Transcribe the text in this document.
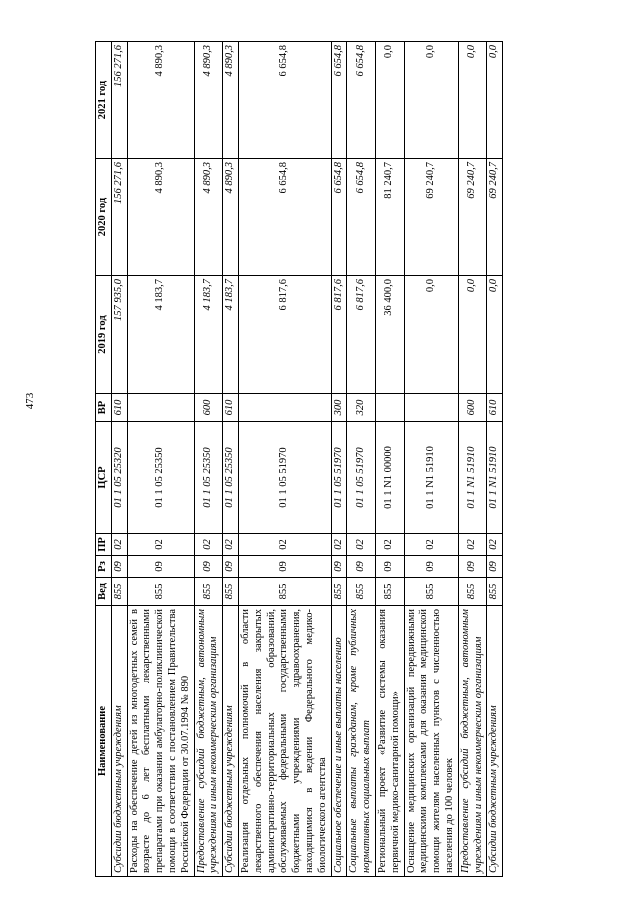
473
Наименование	Вед	Рз	ПР	ЦСР	ВР	2019 год	2020 год	2021 год
Субсидии бюджетным учреждениям	855	09	02	01 1 05 25320	610	157 935,0	156 271,6	156 271,6
Расходы на обеспечение детей из многодетных семей в возрасте до 6 лет бесплатными лекарственными препаратами при оказании амбулаторно-поликлинической помощи в соответствии с постановлением Правительства Российской Федерации от 30.07.1994 № 890	855	09	02	01 1 05 25350		4 183,7	4 890,3	4 890,3
Предоставление субсидий бюджетным, автономным учреждениям и иным некоммерческим организациям	855	09	02	01 1 05 25350	600	4 183,7	4 890,3	4 890,3
Субсидии бюджетным учреждениям	855	09	02	01 1 05 25350	610	4 183,7	4 890,3	4 890,3
Реализация отдельных полномочий в области лекарственного обеспечения населения закрытых административно-территориальных образований, обслуживаемых федеральными государственными бюджетными учреждениями здравоохранения, находящимися в ведении Федерального медико-биологического агентства	855	09	02	01 1 05 51970		6 817,6	6 654,8	6 654,8
Социальное обеспечение и иные выплаты населению	855	09	02	01 1 05 51970	300	6 817,6	6 654,8	6 654,8
Социальные выплаты гражданам, кроме публичных нормативных социальных выплат	855	09	02	01 1 05 51970	320	6 817,6	6 654,8	6 654,8
Региональный проект «Развитие системы оказания первичной медико-санитарной помощи»	855	09	02	01 1 N1 00000		36 400,0	81 240,7	0,0
Оснащение медицинских организаций передвижными медицинскими комплексами для оказания медицинской помощи жителям населенных пунктов с численностью населения до 100 человек	855	09	02	01 1 N1 51910		0,0	69 240,7	0,0
Предоставление субсидий бюджетным, автономным учреждениям и иным некоммерческим организациям	855	09	02	01 1 N1 51910	600	0,0	69 240,7	0,0
Субсидии бюджетным учреждениям	855	09	02	01 1 N1 51910	610	0,0	69 240,7	0,0
